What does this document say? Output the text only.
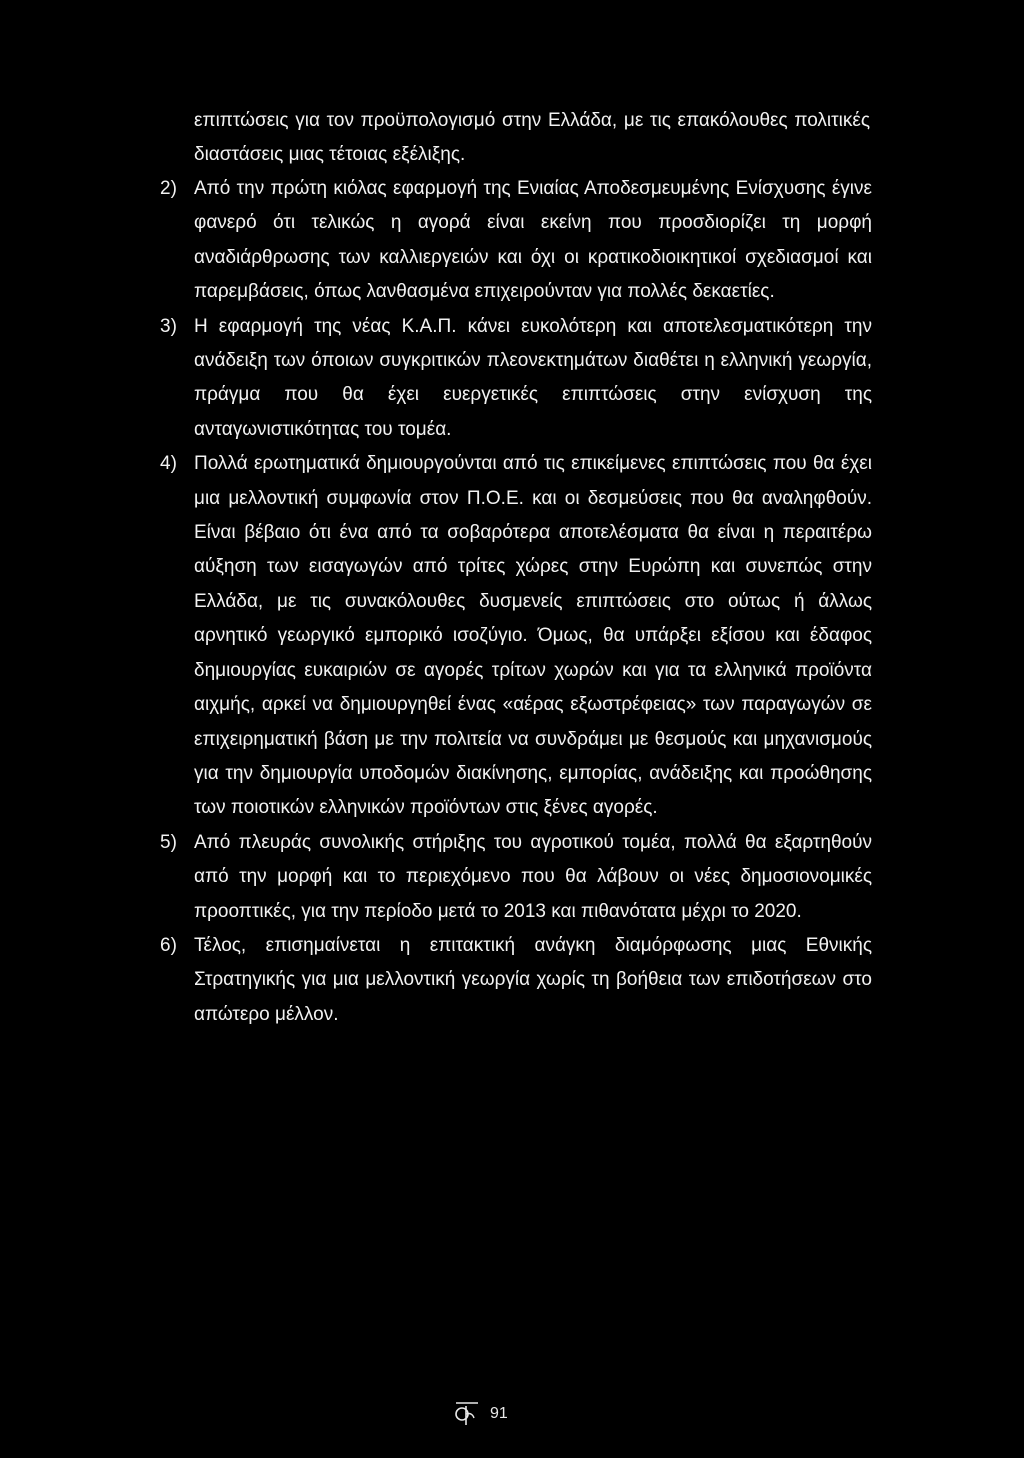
επιπτώσεις για τον προϋπολογισμό στην Ελλάδα, με τις επακόλουθες πολιτικές διαστάσεις μιας τέτοιας εξέλιξης.
2) Από την πρώτη κιόλας εφαρμογή της Ενιαίας Αποδεσμευμένης Ενίσχυσης έγινε φανερό ότι τελικώς η αγορά είναι εκείνη που προσδιορίζει τη μορφή αναδιάρθρωσης των καλλιεργειών και όχι οι κρατικοδιοικητικοί σχεδιασμοί και παρεμβάσεις, όπως λανθασμένα επιχειρούνταν για πολλές δεκαετίες.
3) Η εφαρμογή της νέας Κ.Α.Π. κάνει ευκολότερη και αποτελεσματικότερη την ανάδειξη των όποιων συγκριτικών πλεονεκτημάτων διαθέτει η ελληνική γεωργία, πράγμα που θα έχει ευεργετικές επιπτώσεις στην ενίσχυση της ανταγωνιστικότητας του τομέα.
4) Πολλά ερωτηματικά δημιουργούνται από τις επικείμενες επιπτώσεις που θα έχει μια μελλοντική συμφωνία στον Π.Ο.Ε. και οι δεσμεύσεις που θα αναληφθούν. Είναι βέβαιο ότι ένα από τα σοβαρότερα αποτελέσματα θα είναι η περαιτέρω αύξηση των εισαγωγών από τρίτες χώρες στην Ευρώπη και συνεπώς στην Ελλάδα, με τις συνακόλουθες δυσμενείς επιπτώσεις στο ούτως ή άλλως αρνητικό γεωργικό εμπορικό ισοζύγιο. Όμως, θα υπάρξει εξίσου και έδαφος δημιουργίας ευκαιριών σε αγορές τρίτων χωρών και για τα ελληνικά προϊόντα αιχμής, αρκεί να δημιουργηθεί ένας «αέρας εξωστρέφειας» των παραγωγών σε επιχειρηματική βάση με την πολιτεία να συνδράμει με θεσμούς και μηχανισμούς για την δημιουργία υποδομών διακίνησης, εμπορίας, ανάδειξης και προώθησης των ποιοτικών ελληνικών προϊόντων στις ξένες αγορές.
5) Από πλευράς συνολικής στήριξης του αγροτικού τομέα, πολλά θα εξαρτηθούν από την μορφή και το περιεχόμενο που θα λάβουν οι νέες δημοσιονομικές προοπτικές, για την περίοδο μετά το 2013 και πιθανότατα μέχρι το 2020.
6) Τέλος, επισημαίνεται η επιτακτική ανάγκη διαμόρφωσης μιας Εθνικής Στρατηγικής για μια μελλοντική γεωργία χωρίς τη βοήθεια των επιδοτήσεων στο απώτερο μέλλον.
91
